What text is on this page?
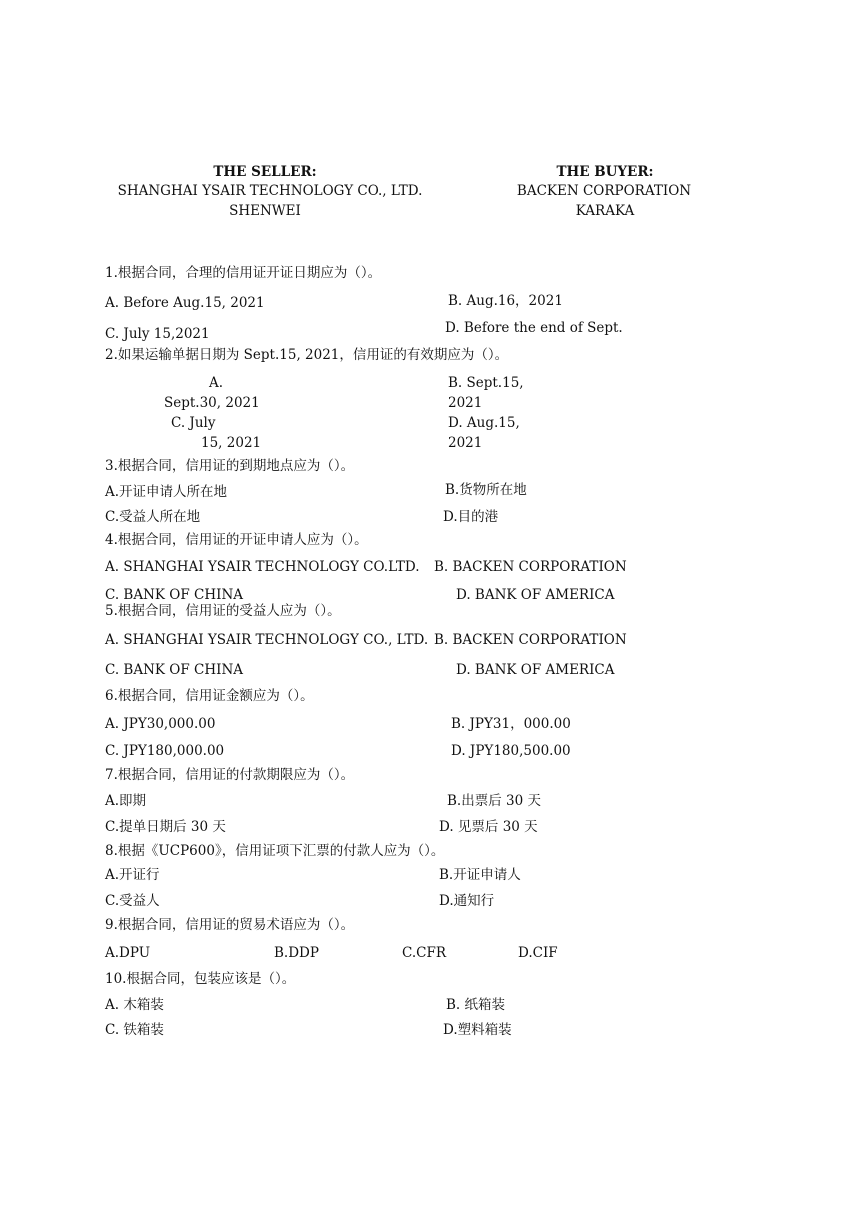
THE SELLER:
SHANGHAI YSAIR TECHNOLOGY CO., LTD.
SHENWEI
THE BUYER:
BACKEN CORPORATION
KARAKA
1.根据合同，合理的信用证开证日期应为（）。
A. Before Aug.15, 2021	B. Aug.16，2021
C. July 15,2021	D. Before the end of Sept.
2.如果运输单据日期为 Sept.15, 2021，信用证的有效期应为（）。
A.
Sept.30, 2021
B. Sept.15,
2021
C. July
15, 2021
D. Aug.15,
2021
3.根据合同，信用证的到期地点应为（）。
A.开证申请人所在地	B.货物所在地
C.受益人所在地	D.目的港
4.根据合同，信用证的开证申请人应为（）。
A. SHANGHAI YSAIR TECHNOLOGY CO.LTD. B. BACKEN CORPORATION
C. BANK OF CHINA	D. BANK OF AMERICA
5.根据合同，信用证的受益人应为（）。
A. SHANGHAI YSAIR TECHNOLOGY CO., LTD. B. BACKEN CORPORATION
C. BANK OF CHINA	D. BANK OF AMERICA
6.根据合同，信用证金额应为（）。
A. JPY30,000.00	B. JPY31，000.00
C. JPY180,000.00	D. JPY180,500.00
7.根据合同，信用证的付款期限应为（）。
A.即期	B.出票后 30 天
C.提单日期后 30 天	D. 见票后 30 天
8.根据《UCP600》，信用证项下汇票的付款人应为（）。
A.开证行	B.开证申请人
C.受益人	D.通知行
9.根据合同，信用证的贸易术语应为（）。
A.DPU	B.DDP	C.CFR	D.CIF
10.根据合同，包装应该是（）。
A. 木箱装	B. 纸箱装
C. 铁箱装	D.塑料箱装
